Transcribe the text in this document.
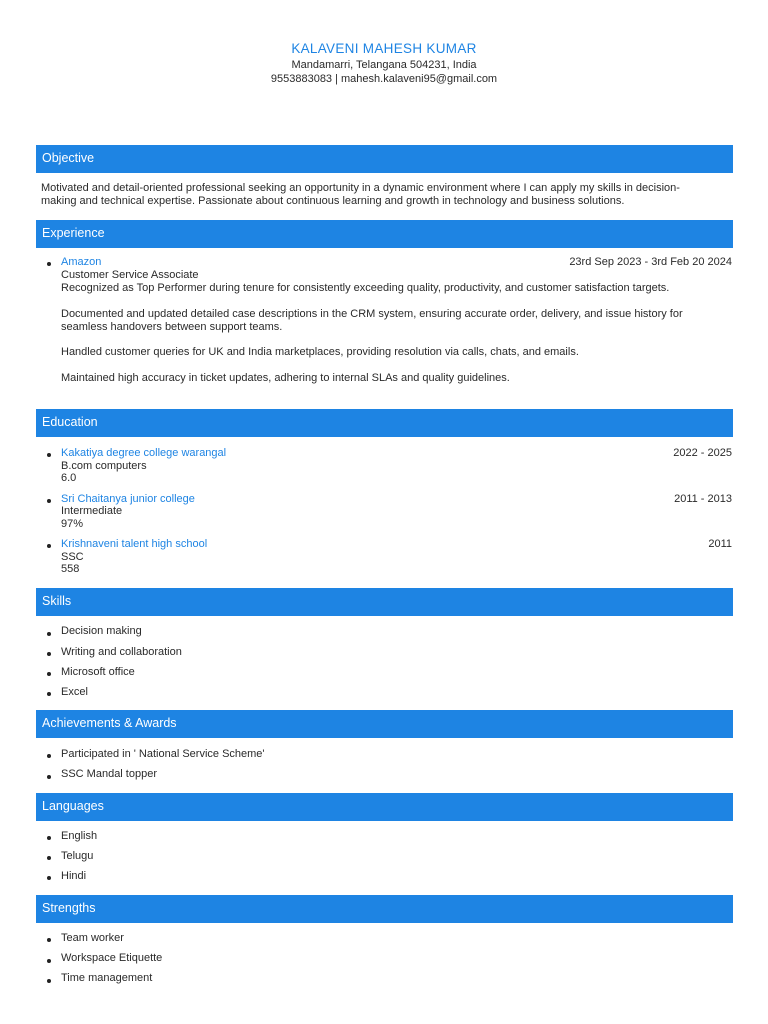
KALAVENI MAHESH KUMAR
Mandamarri, Telangana 504231, India
9553883083 | mahesh.kalaveni95@gmail.com
Objective
Motivated and detail-oriented professional seeking an opportunity in a dynamic environment where I can apply my skills in decision-
making and technical expertise. Passionate about continuous learning and growth in technology and business solutions.
Experience
Amazon	23rd Sep 2023 - 3rd Feb 20 2024
Customer Service Associate
Recognized as Top Performer during tenure for consistently exceeding quality, productivity, and customer satisfaction targets.
Documented and updated detailed case descriptions in the CRM system, ensuring accurate order, delivery, and issue history for
seamless handovers between support teams.
Handled customer queries for UK and India marketplaces, providing resolution via calls, chats, and emails.
Maintained high accuracy in ticket updates, adhering to internal SLAs and quality guidelines.
Education
Kakatiya degree college warangal	2022 - 2025
B.com computers
6.0
Sri Chaitanya junior college	2011 - 2013
Intermediate
97%
Krishnaveni talent high school	2011
SSC
558
Skills
Decision making
Writing and collaboration
Microsoft office
Excel
Achievements & Awards
Participated in ' National Service Scheme'
SSC Mandal topper
Languages
English
Telugu
Hindi
Strengths
Team worker
Workspace Etiquette
Time management
